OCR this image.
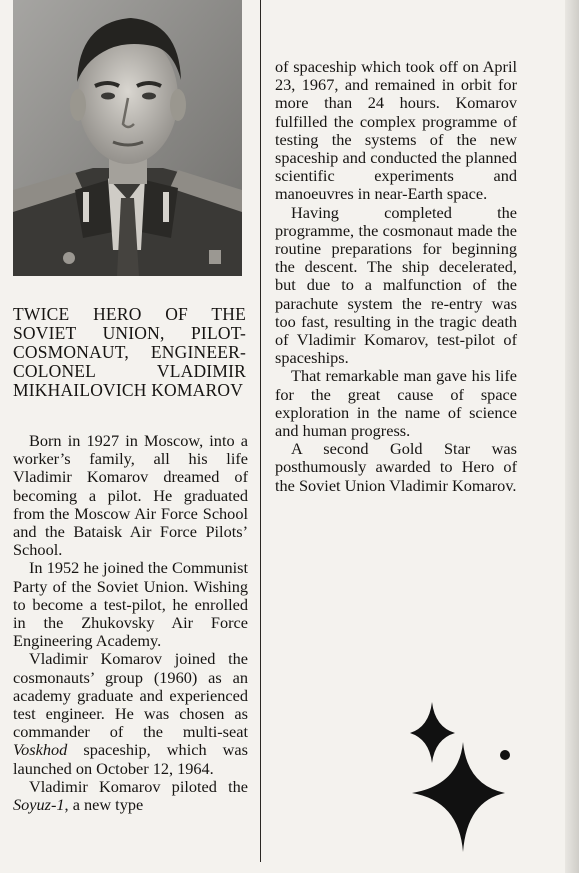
TWICE HERO OF THE SOVIET UNION, PILOT- COSMONAUT, ENGINEER-COLONEL VLADIMIR MIKHAILOVICH KOMAROV

Born in 1927 in Moscow, into a worker’s family, all his life Vladimir Komarov dreamed of becoming a pilot. He graduated from the Moscow Air Force School and the Bataisk Air Force Pilots’ School.

In 1952 he joined the Communist Party of the Soviet Union. Wishing to become a test-pilot, he enrolled in the Zhukovsky Air Force Engineering Academy.

Vladimir Komarov joined the cosmonauts’ group (1960) as an academy graduate and experienced test engineer. He was chosen as commander of the multi-seat Voskhod spaceship, which was launched on October 12, 1964.

Vladimir Komarov piloted the Soyuz-1, a new type

of spaceship which took off on April 23, 1967, and remained in orbit for more than 24 hours. Komarov fulfilled the complex programme of testing the systems of the new spaceship and conducted the planned scientific experiments and manoeuvres in near-Earth space.

Having completed the programme, the cosmonaut made the routine preparations for beginning the descent. The ship decelerated, but due to a malfunction of the parachute system the re-entry was too fast, resulting in the tragic death of Vladimir Komarov, test-pilot of spaceships.

That remarkable man gave his life for the great cause of space exploration in the name of science and human progress.

A second Gold Star was posthumously awarded to Hero of the Soviet Union Vladimir Komarov.
